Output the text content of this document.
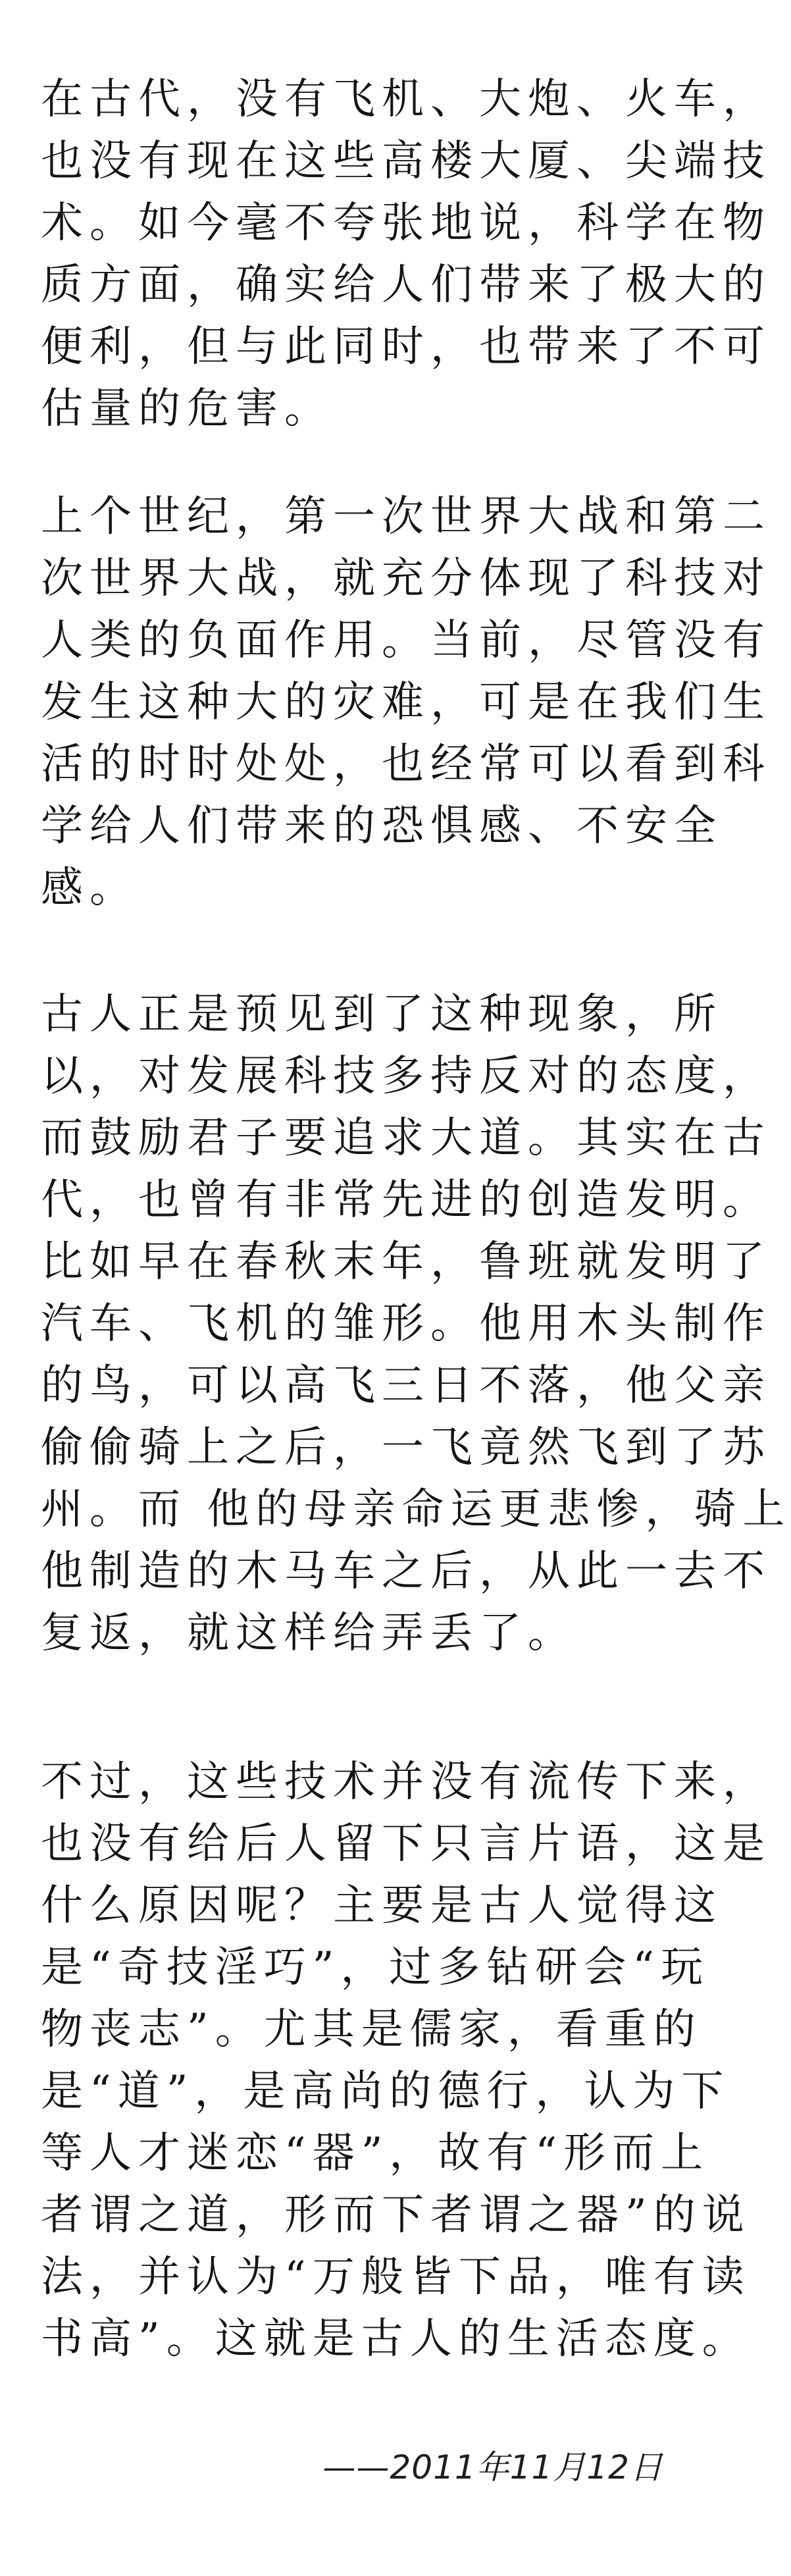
在古代，没有飞机、大炮、火车，
也没有现在这些高楼大厦、尖端技
术。如今毫不夸张地说，科学在物
质方面，确实给人们带来了极大的
便利，但与此同时，也带来了不可
估量的危害。
上个世纪，第一次世界大战和第二
次世界大战，就充分体现了科技对
人类的负面作用。当前，尽管没有
发生这种大的灾难，可是在我们生
活的时时处处，也经常可以看到科
学给人们带来的恐惧感、不安全
感。
古人正是预见到了这种现象，所
以，对发展科技多持反对的态度，
而鼓励君子要追求大道。其实在古
代，也曾有非常先进的创造发明。
比如早在春秋末年，鲁班就发明了
汽车、飞机的雏形。他用木头制作
的鸟，可以高飞三日不落，他父亲
偷偷骑上之后，一飞竟然飞到了苏
州。而 他的母亲命运更悲惨，骑上
他制造的木马车之后，从此一去不
复返，就这样给弄丢了。
不过，这些技术并没有流传下来，
也没有给后人留下只言片语，这是
什么原因呢？主要是古人觉得这
是“奇技淫巧”，过多钻研会“玩
物丧志”。尤其是儒家，看重的
是“道”，是高尚的德行，认为下
等人才迷恋“器”，故有“形而上
者谓之道，形而下者谓之器”的说
法，并认为“万般皆下品，唯有读
书高”。这就是古人的生活态度。
——2011年11月12日
